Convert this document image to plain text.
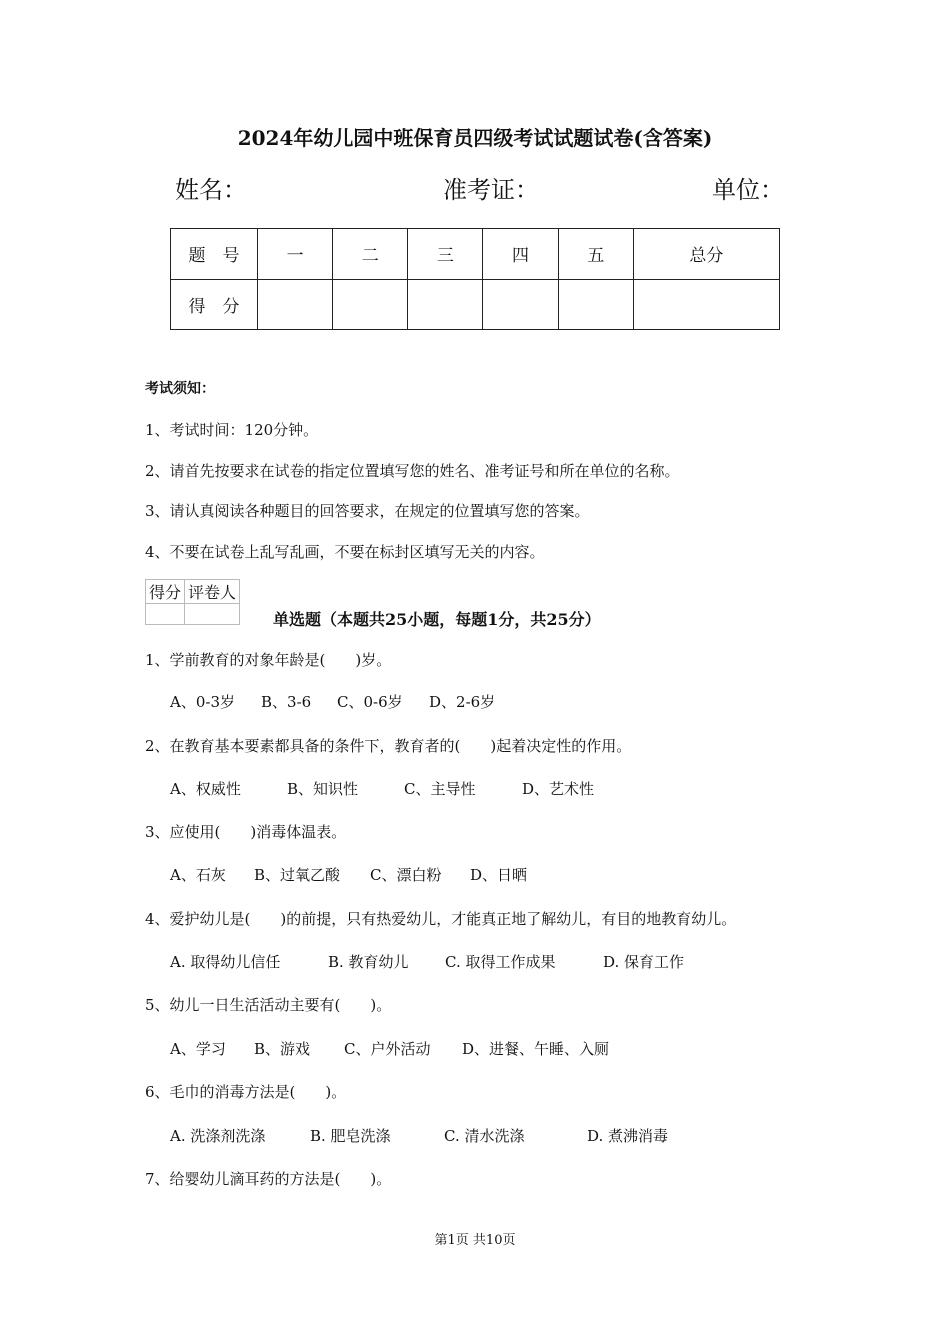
2024年幼儿园中班保育员四级考试试题试卷(含答案)
姓名：	准考证：	单位：
题　号	一	二	三	四	五	总分
得　分						
考试须知：
1、考试时间：120分钟。
2、请首先按要求在试卷的指定位置填写您的姓名、准考证号和所在单位的名称。
3、请认真阅读各种题目的回答要求，在规定的位置填写您的答案。
4、不要在试卷上乱写乱画，不要在标封区填写无关的内容。
得分	评卷人

单选题（本题共25小题，每题1分，共25分）
1、学前教育的对象年龄是(　　)岁。
A、0-3岁 B、3-6 C、0-6岁 D、2-6岁
2、在教育基本要素都具备的条件下，教育者的(　　)起着决定性的作用。
A、权威性	B、知识性	C、主导性	D、艺术性
3、应使用(　　)消毒体温表。
A、石灰 B、过氧乙酸 C、漂白粉 D、日晒
4、爱护幼儿是(　　)的前提，只有热爱幼儿，才能真正地了解幼儿，有目的地教育幼儿。
A. 取得幼儿信任	B. 教育幼儿 C. 取得工作成果	D. 保育工作
5、幼儿一日生活活动主要有(　　)。
A、学习 B、游戏 C、户外活动 D、进餐、午睡、入厕
6、毛巾的消毒方法是(　　)。
A. 洗涤剂洗涤	B. 肥皂洗涤	C. 清水洗涤	D. 煮沸消毒
7、给婴幼儿滴耳药的方法是(　　)。
第1页 共10页
